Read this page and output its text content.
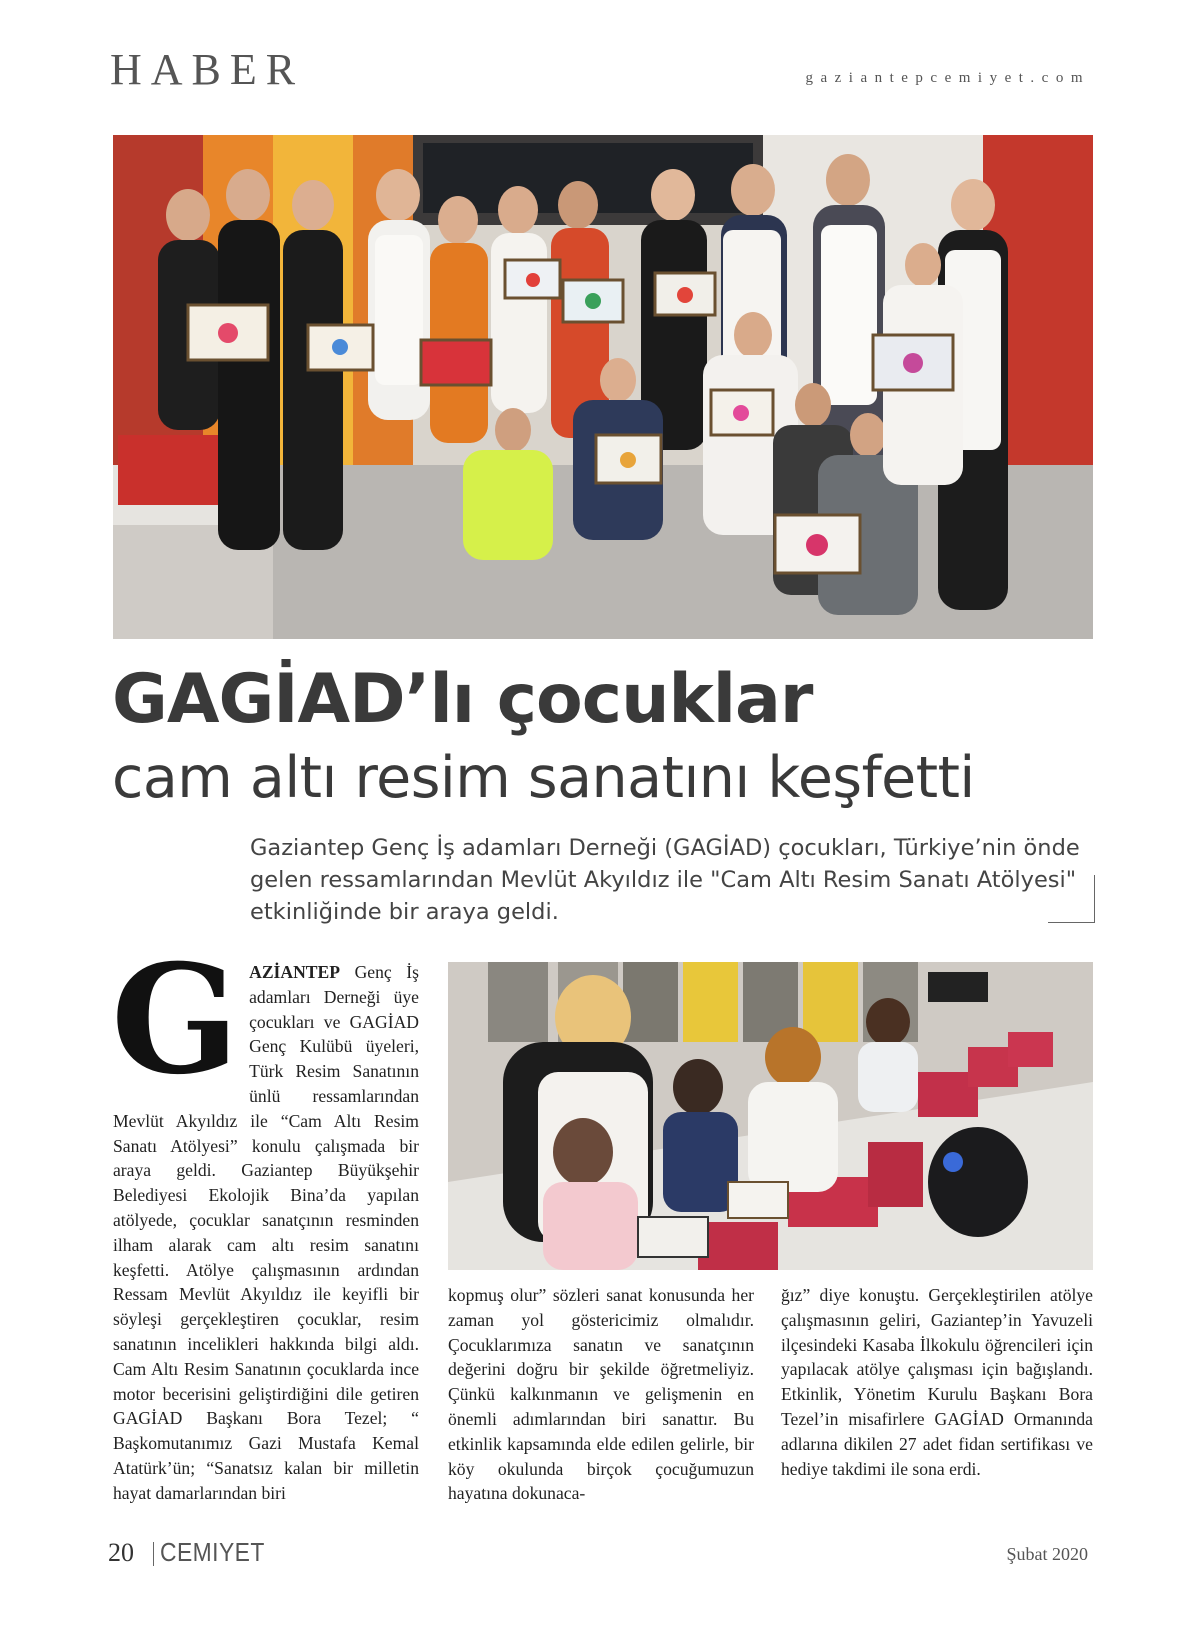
HABER	gaziantepcemiyet.com
GAGİAD’lı çocuklar
cam altı resim sanatını keşfetti
Gaziantep Genç İş adamları Derneği (GAGİAD) çocukları, Türkiye’nin önde gelen ressamlarından Mevlüt Akyıldız ile "Cam Altı Resim Sanatı Atölyesi" etkinliğinde bir araya geldi.
GAZİANTEP Genç İş adamları Derneği üye çocukları ve GAGİAD Genç Kulübü üyeleri, Türk Resim Sanatının ünlü ressamlarından Mevlüt Akyıldız ile “Cam Altı Resim Sanatı Atölyesi” konulu çalışmada bir araya geldi. Gaziantep Büyükşehir Belediyesi Ekolojik Bina’da yapılan atölyede, çocuklar sanatçının resminden ilham alarak cam altı resim sanatını keşfetti. Atölye çalışmasının ardından Ressam Mevlüt Akyıldız ile keyifli bir söyleşi gerçekleştiren çocuklar, resim sanatının incelikleri hakkında bilgi aldı. Cam Altı Resim Sanatının çocuklarda ince motor becerisini geliştirdiğini dile getiren GAGİAD Başkanı Bora Tezel; “ Başkomutanımız Gazi Mustafa Kemal Atatürk’ün; “Sanatsız kalan bir milletin hayat damarlarından biri
kopmuş olur” sözleri sanat konusunda her zaman yol göstericimiz olmalıdır. Çocuklarımıza sanatın ve sanatçının değerini doğru bir şekilde öğretmeliyiz. Çünkü kalkınmanın ve gelişmenin en önemli adımlarından biri sanattır. Bu etkinlik kapsamında elde edilen gelirle, bir köy okulunda birçok çocuğumuzun hayatına dokunaca-
ğız” diye konuştu. Gerçekleştirilen atölye çalışmasının geliri, Gaziantep’in Yavuzeli ilçesindeki Kasaba İlkokulu öğrencileri için yapılacak atölye çalışması için bağışlandı. Etkinlik, Yönetim Kurulu Başkanı Bora Tezel’in misafirlere GAGİAD Ormanında adlarına dikilen 27 adet fidan sertifikası ve hediye takdimi ile sona erdi.
20 CEMIYET	Şubat 2020
